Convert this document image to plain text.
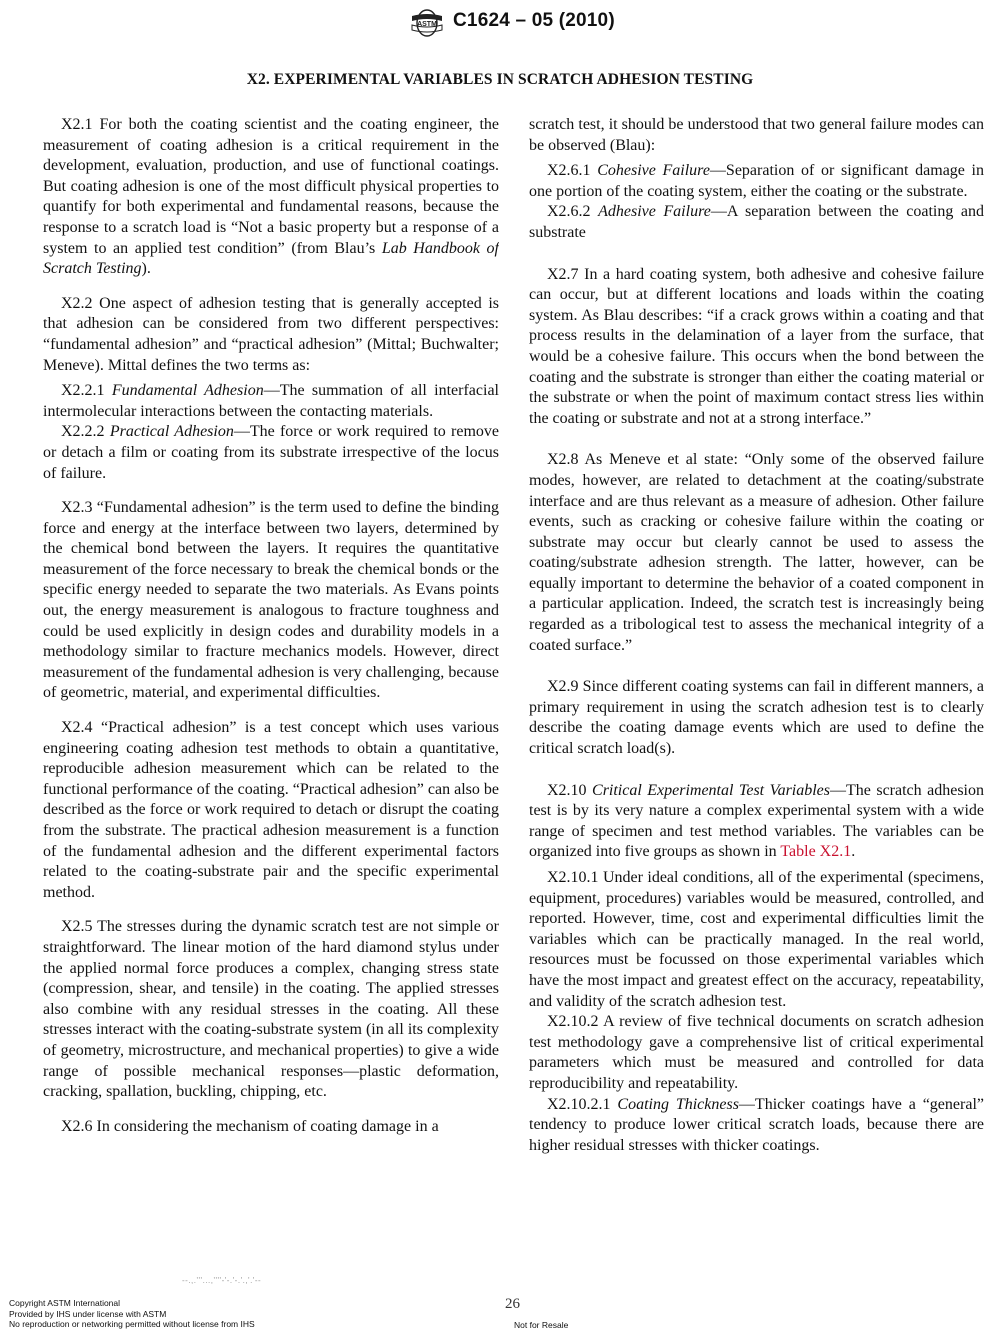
ASTM C1624 – 05 (2010)
X2. EXPERIMENTAL VARIABLES IN SCRATCH ADHESION TESTING

X2.1 For both the coating scientist and the coating engineer, the measurement of coating adhesion is a critical requirement in the development, evaluation, production, and use of functional coatings. But coating adhesion is one of the most difficult physical properties to quantify for both experimental and fundamental reasons, because the response to a scratch load is “Not a basic property but a response of a system to an applied test condition” (from Blau’s Lab Handbook of Scratch Testing).

X2.2 One aspect of adhesion testing that is generally accepted is that adhesion can be considered from two different perspectives: “fundamental adhesion” and “practical adhesion” (Mittal; Buchwalter; Meneve). Mittal defines the two terms as:

X2.2.1 Fundamental Adhesion—The summation of all interfacial intermolecular interactions between the contacting materials.

X2.2.2 Practical Adhesion—The force or work required to remove or detach a film or coating from its substrate irrespective of the locus of failure.

X2.3 “Fundamental adhesion” is the term used to define the binding force and energy at the interface between two layers, determined by the chemical bond between the layers. It requires the quantitative measurement of the force necessary to break the chemical bonds or the specific energy needed to separate the two materials. As Evans points out, the energy measurement is analogous to fracture toughness and could be used explicitly in design codes and durability models in a methodology similar to fracture mechanics models. However, direct measurement of the fundamental adhesion is very challenging, because of geometric, material, and experimental difficulties.

X2.4 “Practical adhesion” is a test concept which uses various engineering coating adhesion test methods to obtain a quantitative, reproducible adhesion measurement which can be related to the functional performance of the coating. “Practical adhesion” can also be described as the force or work required to detach or disrupt the coating from the substrate. The practical adhesion measurement is a function of the fundamental adhesion and the different experimental factors related to the coating-substrate pair and the specific experimental method.

X2.5 The stresses during the dynamic scratch test are not simple or straightforward. The linear motion of the hard diamond stylus under the applied normal force produces a complex, changing stress state (compression, shear, and tensile) in the coating. The applied stresses also combine with any residual stresses in the coating. All these stresses interact with the coating-substrate system (in all its complexity of geometry, microstructure, and mechanical properties) to give a wide range of possible mechanical responses—plastic deformation, cracking, spallation, buckling, chipping, etc.

X2.6 In considering the mechanism of coating damage in a

scratch test, it should be understood that two general failure modes can be observed (Blau):

X2.6.1 Cohesive Failure—Separation of or significant damage in one portion of the coating system, either the coating or the substrate.

X2.6.2 Adhesive Failure—A separation between the coating and substrate

X2.7 In a hard coating system, both adhesive and cohesive failure can occur, but at different locations and loads within the coating system. As Blau describes: “if a crack grows within a coating and that process results in the delamination of a layer from the surface, that would be a cohesive failure. This occurs when the bond between the coating and the substrate is stronger than either the coating material or the substrate or when the point of maximum contact stress lies within the coating or substrate and not at a strong interface.”

X2.8 As Meneve et al state: “Only some of the observed failure modes, however, are related to detachment at the coating/substrate interface and are thus relevant as a measure of adhesion. Other failure events, such as cracking or cohesive failure within the coating or substrate may occur but clearly cannot be used to assess the coating/substrate adhesion strength. The latter, however, can be equally important to determine the behavior of a coated component in a particular application. Indeed, the scratch test is increasingly being regarded as a tribological test to assess the mechanical integrity of a coated surface.”

X2.9 Since different coating systems can fail in different manners, a primary requirement in using the scratch adhesion test is to clearly describe the coating damage events which are used to define the critical scratch load(s).

X2.10 Critical Experimental Test Variables—The scratch adhesion test is by its very nature a complex experimental system with a wide range of specimen and test method variables. The variables can be organized into five groups as shown in Table X2.1.

X2.10.1 Under ideal conditions, all of the experimental (specimens, equipment, procedures) variables would be measured, controlled, and reported. However, time, cost and experimental difficulties limit the variables which can be practically managed. In the real world, resources must be focussed on those experimental variables which have the most impact and greatest effect on the accuracy, repeatability, and validity of the scratch adhesion test.

X2.10.2 A review of five technical documents on scratch adhesion test methodology gave a comprehensive list of critical experimental parameters which must be measured and controlled for data reproducibility and repeatability.

X2.10.2.1 Coating Thickness—Thicker coatings have a “general” tendency to produce lower critical scratch loads, because there are higher residual stresses with thicker coatings.

--.,.'''...,''''-'-.'-.'.,'.'--
Copyright ASTM International
Provided by IHS under license with ASTM
No reproduction or networking permitted without license from IHS
26
Not for Resale
